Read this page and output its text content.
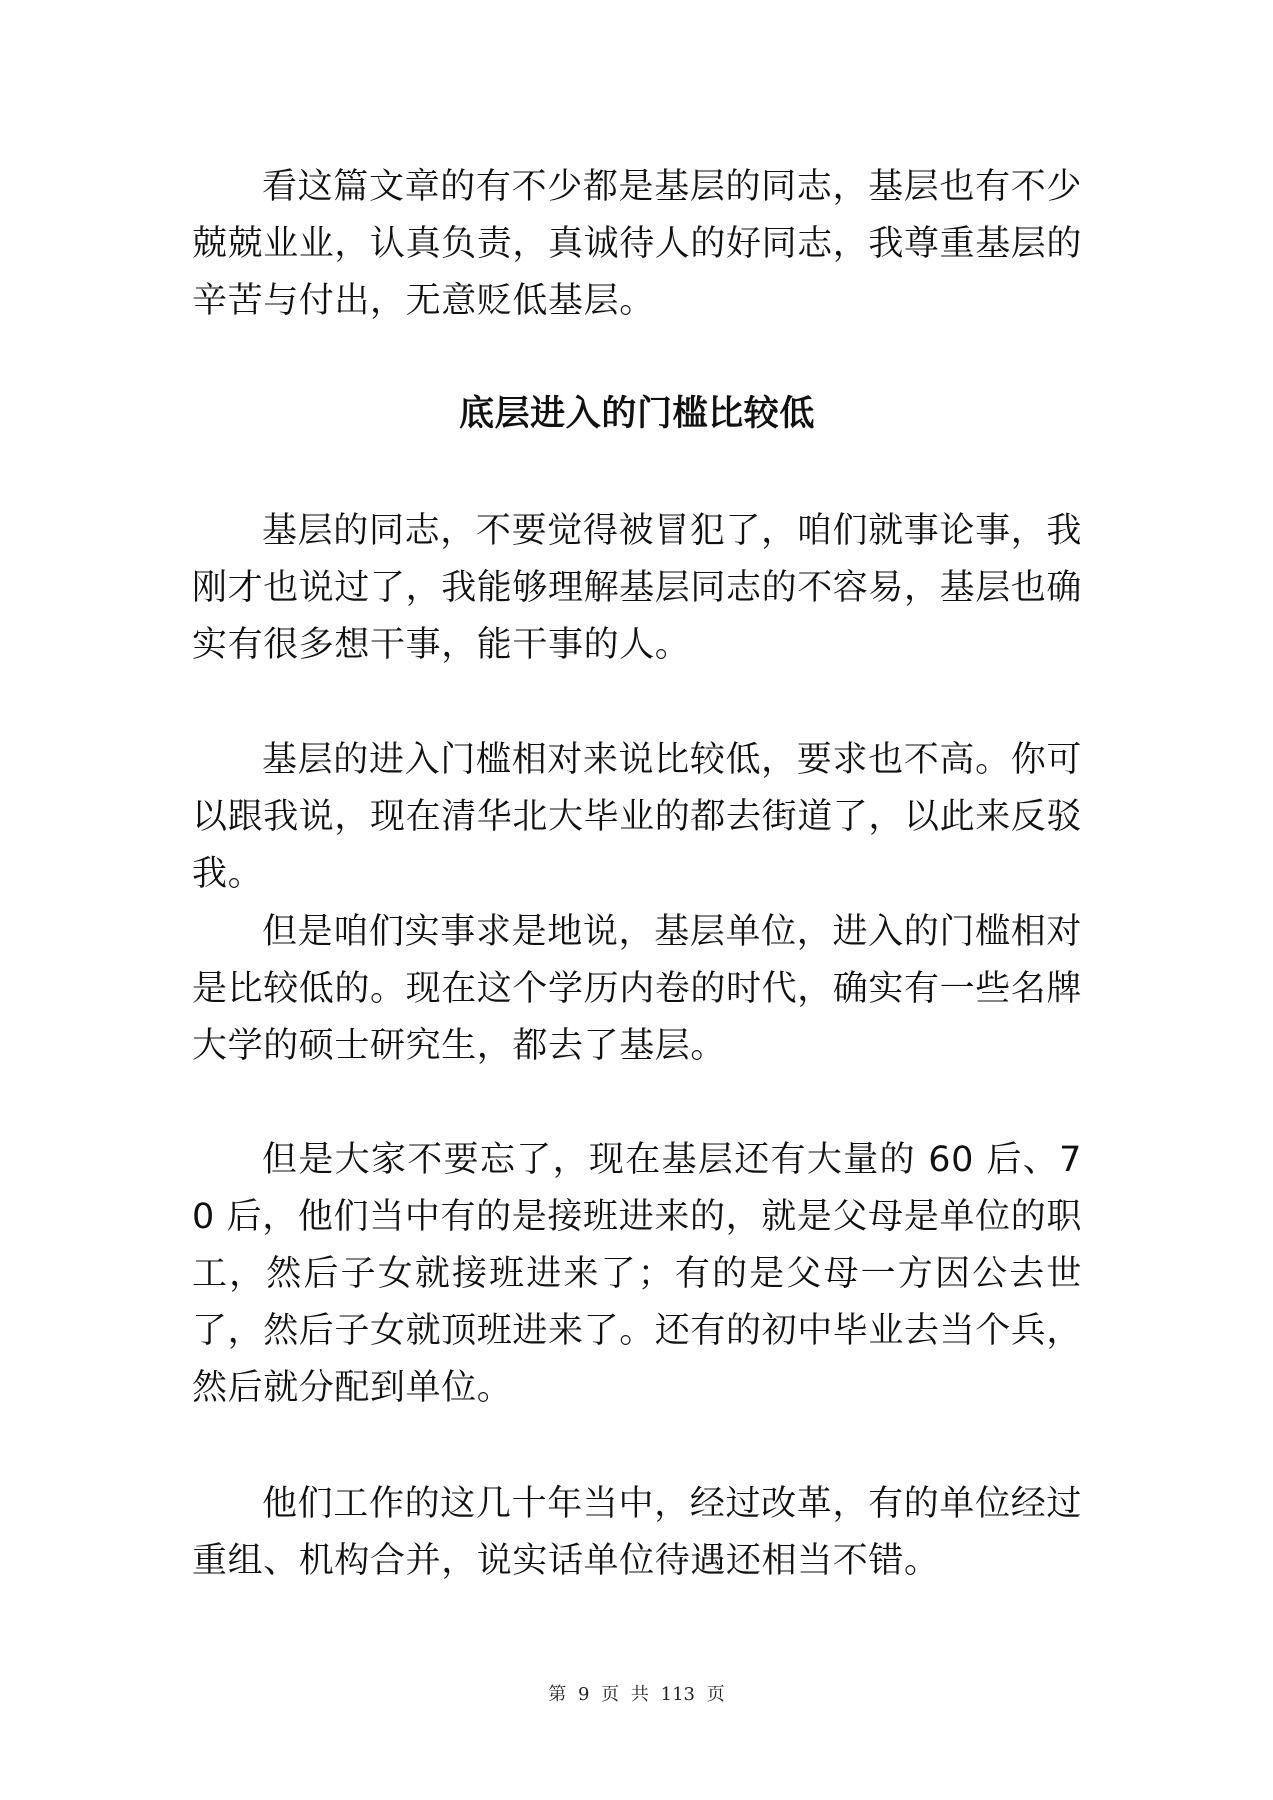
看这篇文章的有不少都是基层的同志，基层也有不少兢兢业业，认真负责，真诚待人的好同志，我尊重基层的辛苦与付出，无意贬低基层。

底层进入的门槛比较低

基层的同志，不要觉得被冒犯了，咱们就事论事，我刚才也说过了，我能够理解基层同志的不容易，基层也确实有很多想干事，能干事的人。

基层的进入门槛相对来说比较低，要求也不高。你可以跟我说，现在清华北大毕业的都去街道了，以此来反驳我。

但是咱们实事求是地说，基层单位，进入的门槛相对是比较低的。现在这个学历内卷的时代，确实有一些名牌大学的硕士研究生，都去了基层。

但是大家不要忘了，现在基层还有大量的 60 后、70 后，他们当中有的是接班进来的，就是父母是单位的职工，然后子女就接班进来了；有的是父母一方因公去世了，然后子女就顶班进来了。还有的初中毕业去当个兵，然后就分配到单位。

他们工作的这几十年当中，经过改革，有的单位经过重组、机构合并，说实话单位待遇还相当不错。

第 9 页 共 113 页
